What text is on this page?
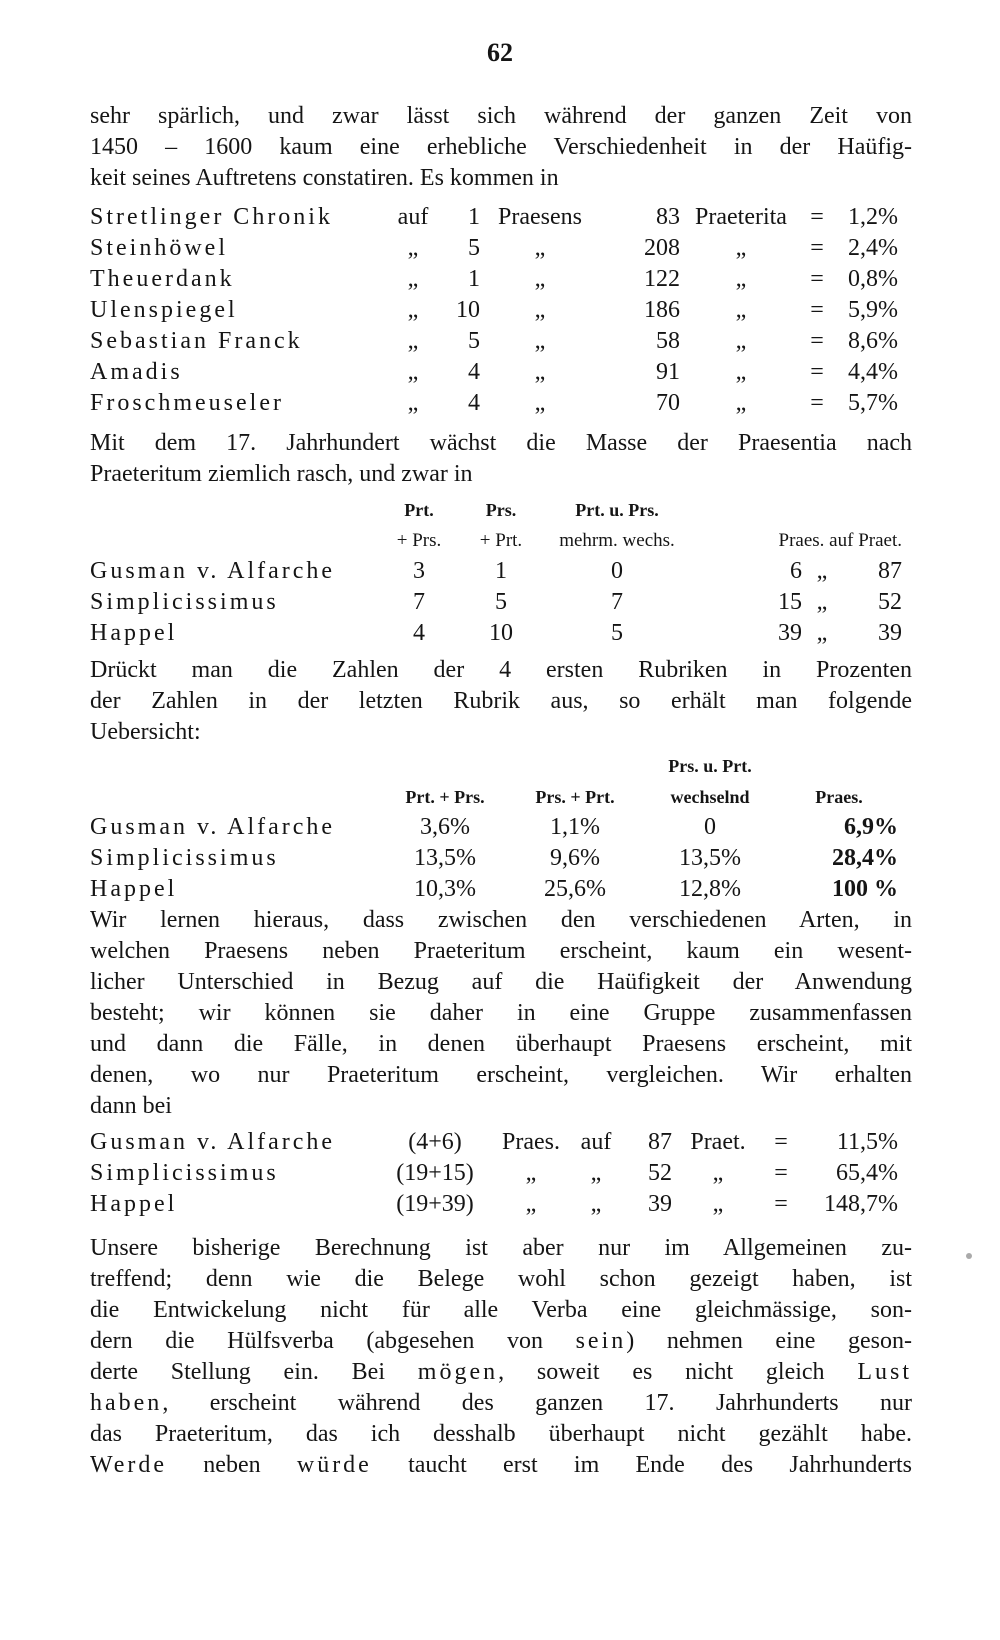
62
sehr spärlich, und zwar lässt sich während der ganzen Zeit von
1450 – 1600 kaum eine erhebliche Verschiedenheit in der Haüfig-
keit seines Auftretens constatiren. Es kommen in
Stretlinger Chronik	auf	1	Praesens	83	Praeterita	=	1,2%
Steinhöwel	„	5	„	208	„	=	2,4%
Theuerdank	„	1	„	122	„	=	0,8%
Ulenspiegel	„	10	„	186	„	=	5,9%
Sebastian Franck	„	5	„	58	„	=	8,6%
Amadis	„	4	„	91	„	=	4,4%
Froschmeuseler	„	4	„	70	„	=	5,7%
Mit dem 17. Jahrhundert wächst die Masse der Praesentia nach
Praeteritum ziemlich rasch, und zwar in
	Prt.	Prs.	Prt. u. Prs.			
	+ Prs.	+ Prt.	mehrm. wechs.	Praes. auf Praet.		
Gusman v. Alfarche	3	1	0	6	„	87
Simplicissimus	7	5	7	15	„	52
Happel	4	10	5	39	„	39
Drückt man die Zahlen der 4 ersten Rubriken in Prozenten
der Zahlen in der letzten Rubrik aus, so erhält man folgende
Uebersicht:
			Prs. u. Prt.	
	Prt. + Prs.	Prs. + Prt.	wechselnd	Praes.
Gusman v. Alfarche	3,6%	1,1%	0	6,9%
Simplicissimus	13,5%	9,6%	13,5%	28,4%
Happel	10,3%	25,6%	12,8%	100 %
Wir lernen hieraus, dass zwischen den verschiedenen Arten, in
welchen Praesens neben Praeteritum erscheint, kaum ein wesent-
licher Unterschied in Bezug auf die Haüfigkeit der Anwendung
besteht; wir können sie daher in eine Gruppe zusammenfassen
und dann die Fälle, in denen überhaupt Praesens erscheint, mit
denen, wo nur Praeteritum erscheint, vergleichen. Wir erhalten
dann bei
Gusman v. Alfarche	(4+6)	Praes.	auf	87	Praet.	=	11,5%
Simplicissimus	(19+15)	„	„	52	„	=	65,4%
Happel	(19+39)	„	„	39	„	=	148,7%
Unsere bisherige Berechnung ist aber nur im Allgemeinen zu-
treffend; denn wie die Belege wohl schon gezeigt haben, ist
die Entwickelung nicht für alle Verba eine gleichmässige, son-
dern die Hülfsverba (abgesehen von sein) nehmen eine geson-
derte Stellung ein. Bei mögen, soweit es nicht gleich Lust
haben, erscheint während des ganzen 17. Jahrhunderts nur
das Praeteritum, das ich desshalb überhaupt nicht gezählt habe.
Werde neben würde taucht erst im Ende des Jahrhunderts
